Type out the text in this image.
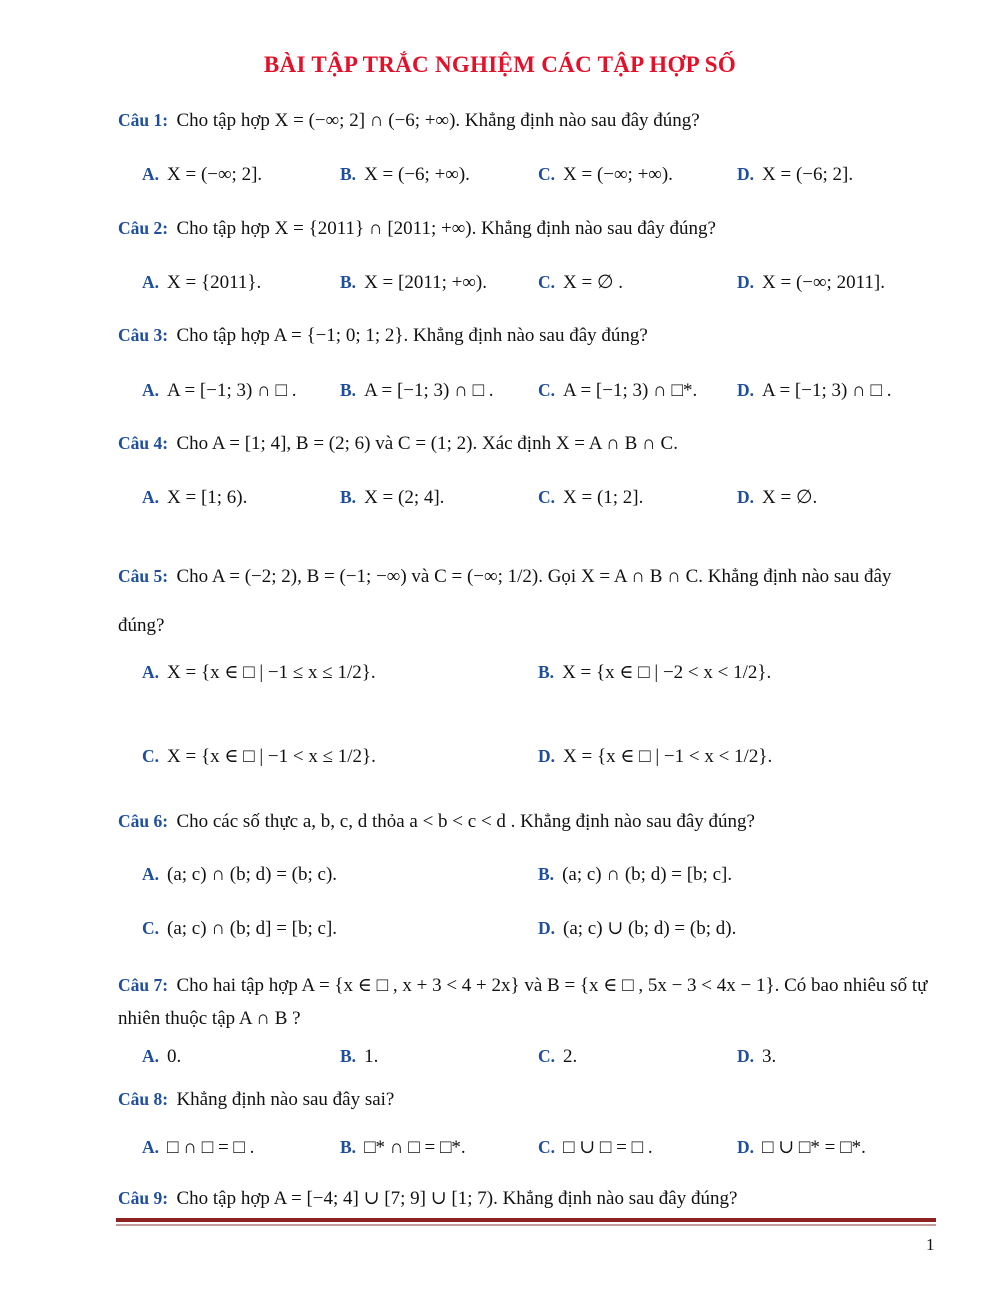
BÀI TẬP TRẮC NGHIỆM CÁC TẬP HỢP SỐ
Câu 1: Cho tập hợp X = (−∞; 2] ∩ (−6; +∞). Khẳng định nào sau đây đúng?
A. X = (−∞; 2].	B. X = (−6; +∞).	C. X = (−∞; +∞).	D. X = (−6; 2].
Câu 2: Cho tập hợp X = {2011} ∩ [2011; +∞). Khẳng định nào sau đây đúng?
A. X = {2011}.	B. X = [2011; +∞).	C. X = ∅ .	D. X = (−∞; 2011].
Câu 3: Cho tập hợp A = {−1; 0; 1; 2}. Khẳng định nào sau đây đúng?
A. A = [−1; 3) ∩ □ . B. A = [−1; 3) ∩ □ .	C. A = [−1; 3) ∩ □*. D. A = [−1; 3) ∩ □ .
Câu 4: Cho A = [1; 4], B = (2; 6) và C = (1; 2). Xác định X = A ∩ B ∩ C.
A. X = [1; 6).	B. X = (2; 4].	C. X = (1; 2].	D. X = ∅.
Câu 5: Cho A = (−2; 2), B = (−1; −∞) và C = (−∞; 1/2). Gọi X = A ∩ B ∩ C. Khẳng định nào sau đây đúng?
A. X = {x ∈ □ | −1 ≤ x ≤ 1/2}.	B. X = {x ∈ □ | −2 < x < 1/2}.
C. X = {x ∈ □ | −1 < x ≤ 1/2}.	D. X = {x ∈ □ | −1 < x < 1/2}.
Câu 6: Cho các số thực a, b, c, d thỏa a < b < c < d . Khẳng định nào sau đây đúng?
A. (a; c) ∩ (b; d) = (b; c).	B. (a; c) ∩ (b; d) = [b; c].
C. (a; c) ∩ (b; d] = [b; c].	D. (a; c) ∪ (b; d) = (b; d).
Câu 7: Cho hai tập hợp A = {x ∈ □ , x + 3 < 4 + 2x} và B = {x ∈ □ , 5x − 3 < 4x − 1}. Có bao nhiêu số tự nhiên thuộc tập A ∩ B ?
A. 0.	B. 1.	C. 2.	D. 3.
Câu 8: Khẳng định nào sau đây sai?
A. □ ∩ □ = □ .	B. □* ∩ □ = □*.	C. □ ∪ □ = □ .	D. □ ∪ □* = □*.
Câu 9: Cho tập hợp A = [−4; 4] ∪ [7; 9] ∪ [1; 7). Khẳng định nào sau đây đúng?
1
